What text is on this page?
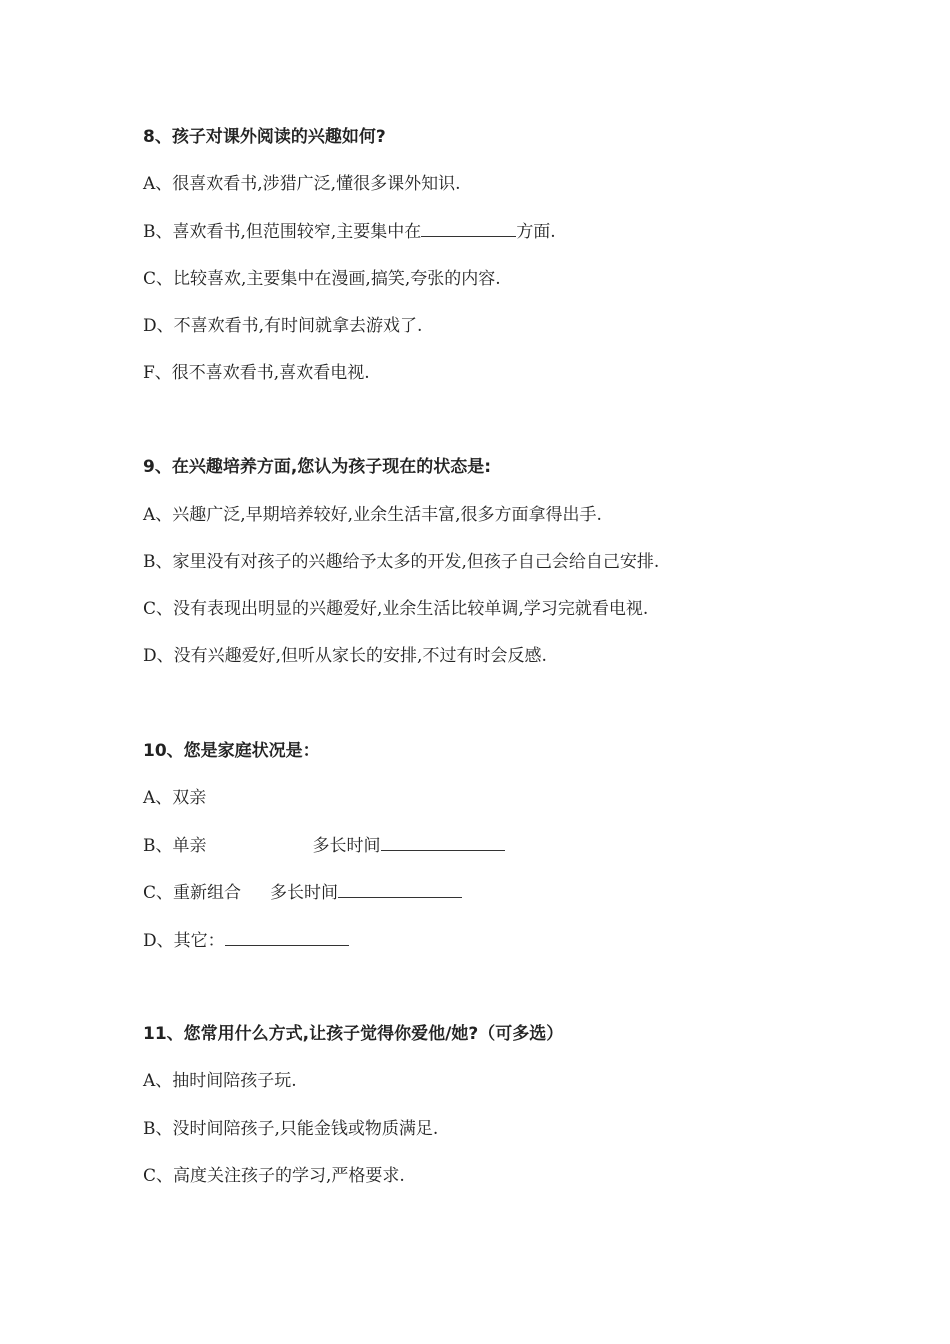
8、孩子对课外阅读的兴趣如何?
A、很喜欢看书,涉猎广泛,懂很多课外知识.
B、喜欢看书,但范围较窄,主要集中在	方面.
C、比较喜欢,主要集中在漫画,搞笑,夸张的内容.
D、不喜欢看书,有时间就拿去游戏了.
F、很不喜欢看书,喜欢看电视.
9、在兴趣培养方面,您认为孩子现在的状态是:
A、兴趣广泛,早期培养较好,业余生活丰富,很多方面拿得出手.
B、家里没有对孩子的兴趣给予太多的开发,但孩子自己会给自己安排.
C、没有表现出明显的兴趣爱好,业余生活比较单调,学习完就看电视.
D、没有兴趣爱好,但听从家长的安排,不过有时会反感.
10、您是家庭状况是：
A、双亲
B、单亲	多长时间
C、重新组合 多长时间
D、其它：
11、您常用什么方式,让孩子觉得你爱他/她?（可多选）
A、抽时间陪孩子玩.
B、没时间陪孩子,只能金钱或物质满足.
C、高度关注孩子的学习,严格要求.
